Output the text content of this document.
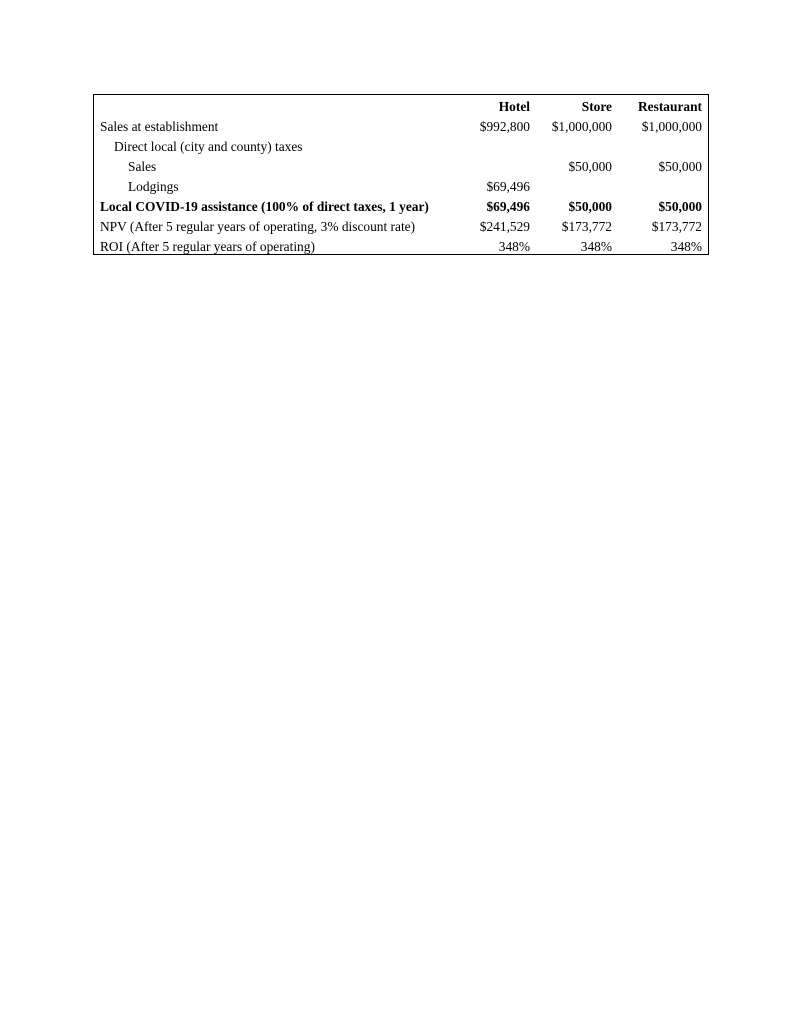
	Hotel	Store	Restaurant
Sales at establishment	$992,800	$1,000,000	$1,000,000
Direct local (city and county) taxes			
Sales		$50,000	$50,000
Lodgings	$69,496		
Local COVID-19 assistance (100% of direct taxes, 1 year)	$69,496	$50,000	$50,000
NPV (After 5 regular years of operating, 3% discount rate)	$241,529	$173,772	$173,772
ROI (After 5 regular years of operating)	348%	348%	348%
